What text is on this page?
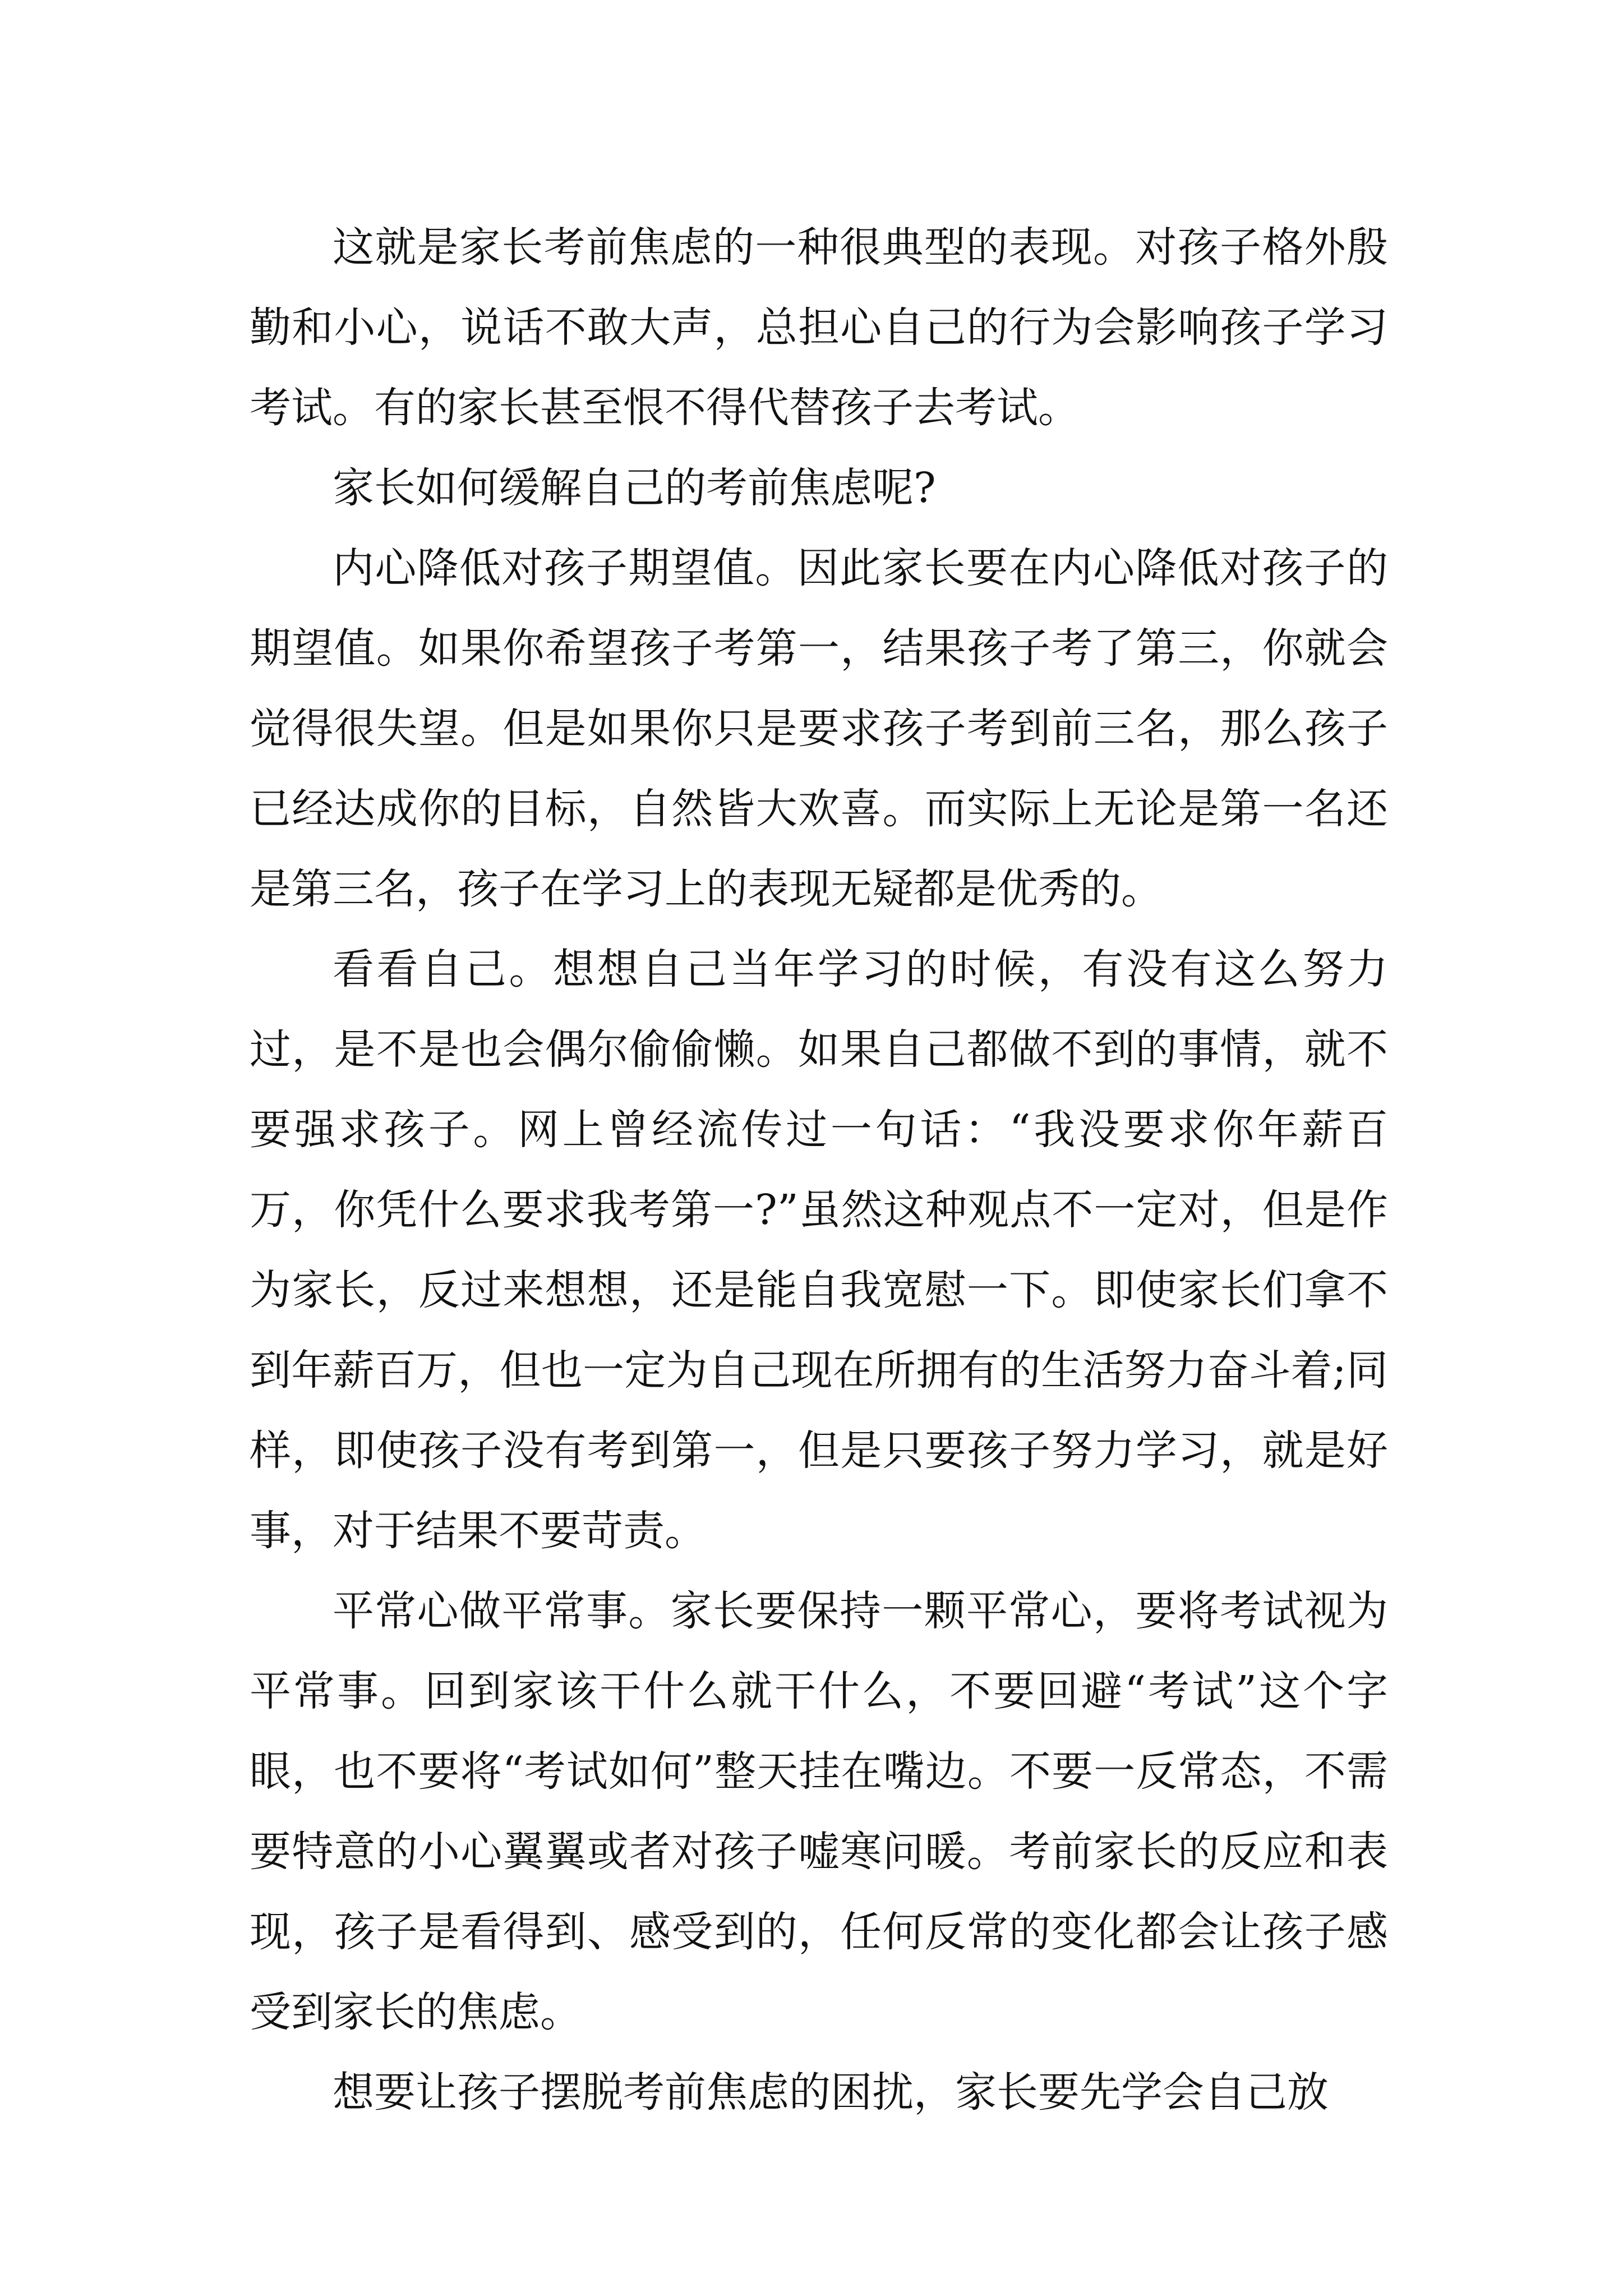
这就是家长考前焦虑的一种很典型的表现。对孩子格外殷勤和小心，说话不敢大声，总担心自己的行为会影响孩子学习考试。有的家长甚至恨不得代替孩子去考试。

家长如何缓解自己的考前焦虑呢?

内心降低对孩子期望值。因此家长要在内心降低对孩子的期望值。如果你希望孩子考第一，结果孩子考了第三，你就会觉得很失望。但是如果你只是要求孩子考到前三名，那么孩子已经达成你的目标，自然皆大欢喜。而实际上无论是第一名还是第三名，孩子在学习上的表现无疑都是优秀的。

看看自己。想想自己当年学习的时候，有没有这么努力过，是不是也会偶尔偷偷懒。如果自己都做不到的事情，就不要强求孩子。网上曾经流传过一句话：“我没要求你年薪百万，你凭什么要求我考第一?”虽然这种观点不一定对，但是作为家长，反过来想想，还是能自我宽慰一下。即使家长们拿不到年薪百万，但也一定为自己现在所拥有的生活努力奋斗着;同样，即使孩子没有考到第一，但是只要孩子努力学习，就是好事，对于结果不要苛责。

平常心做平常事。家长要保持一颗平常心，要将考试视为平常事。回到家该干什么就干什么，不要回避“考试”这个字眼，也不要将“考试如何”整天挂在嘴边。不要一反常态，不需要特意的小心翼翼或者对孩子嘘寒问暖。考前家长的反应和表现，孩子是看得到、感受到的，任何反常的变化都会让孩子感受到家长的焦虑。

想要让孩子摆脱考前焦虑的困扰，家长要先学会自己放
